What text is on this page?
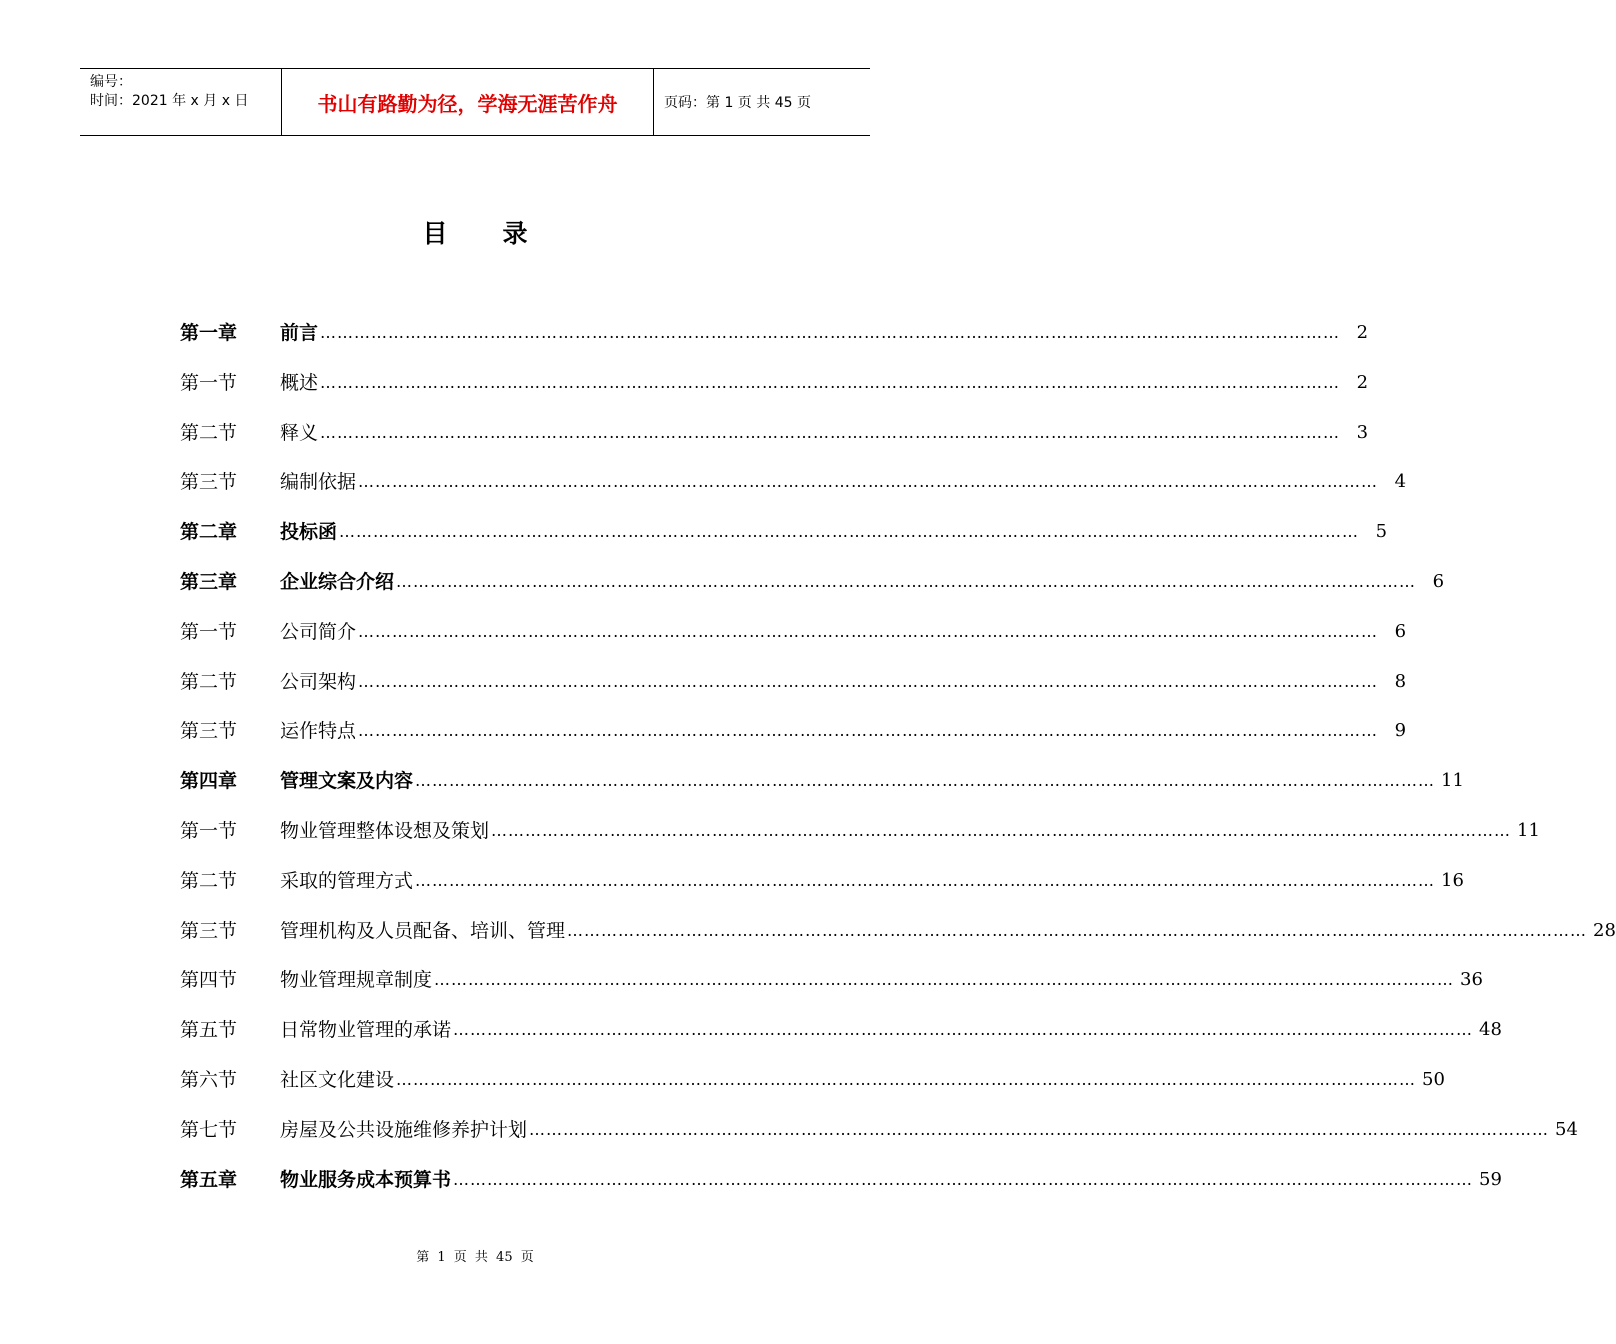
编号：
时间：2021 年 x 月 x 日	书山有路勤为径，学海无涯苦作舟	页码：第 1 页 共 45 页
目录
第一章	前言 ……………………………………………………………………………………………………………………………………………………………… 2
第一节	概述 ……………………………………………………………………………………………………………………………………………………………… 2
第二节	释义 ……………………………………………………………………………………………………………………………………………………………… 3
第三节	编制依据 ……………………………………………………………………………………………………………………………………………………………… 4
第二章	投标函 ……………………………………………………………………………………………………………………………………………………………… 5
第三章	企业综合介绍 ……………………………………………………………………………………………………………………………………………………………… 6
第一节	公司简介 ……………………………………………………………………………………………………………………………………………………………… 6
第二节	公司架构 ……………………………………………………………………………………………………………………………………………………………… 8
第三节	运作特点 ……………………………………………………………………………………………………………………………………………………………… 9
第四章	管理文案及内容 ……………………………………………………………………………………………………………………………………………………………… 11
第一节	物业管理整体设想及策划 ……………………………………………………………………………………………………………………………………………………………… 11
第二节	采取的管理方式 ……………………………………………………………………………………………………………………………………………………………… 16
第三节	管理机构及人员配备、培训、管理 ……………………………………………………………………………………………………………………………………………………………… 28
第四节	物业管理规章制度 ……………………………………………………………………………………………………………………………………………………………… 36
第五节	日常物业管理的承诺 ……………………………………………………………………………………………………………………………………………………………… 48
第六节	社区文化建设 ……………………………………………………………………………………………………………………………………………………………… 50
第七节	房屋及公共设施维修养护计划 ……………………………………………………………………………………………………………………………………………………………… 54
第五章	物业服务成本预算书 ……………………………………………………………………………………………………………………………………………………………… 59
第 1 页 共 45 页
